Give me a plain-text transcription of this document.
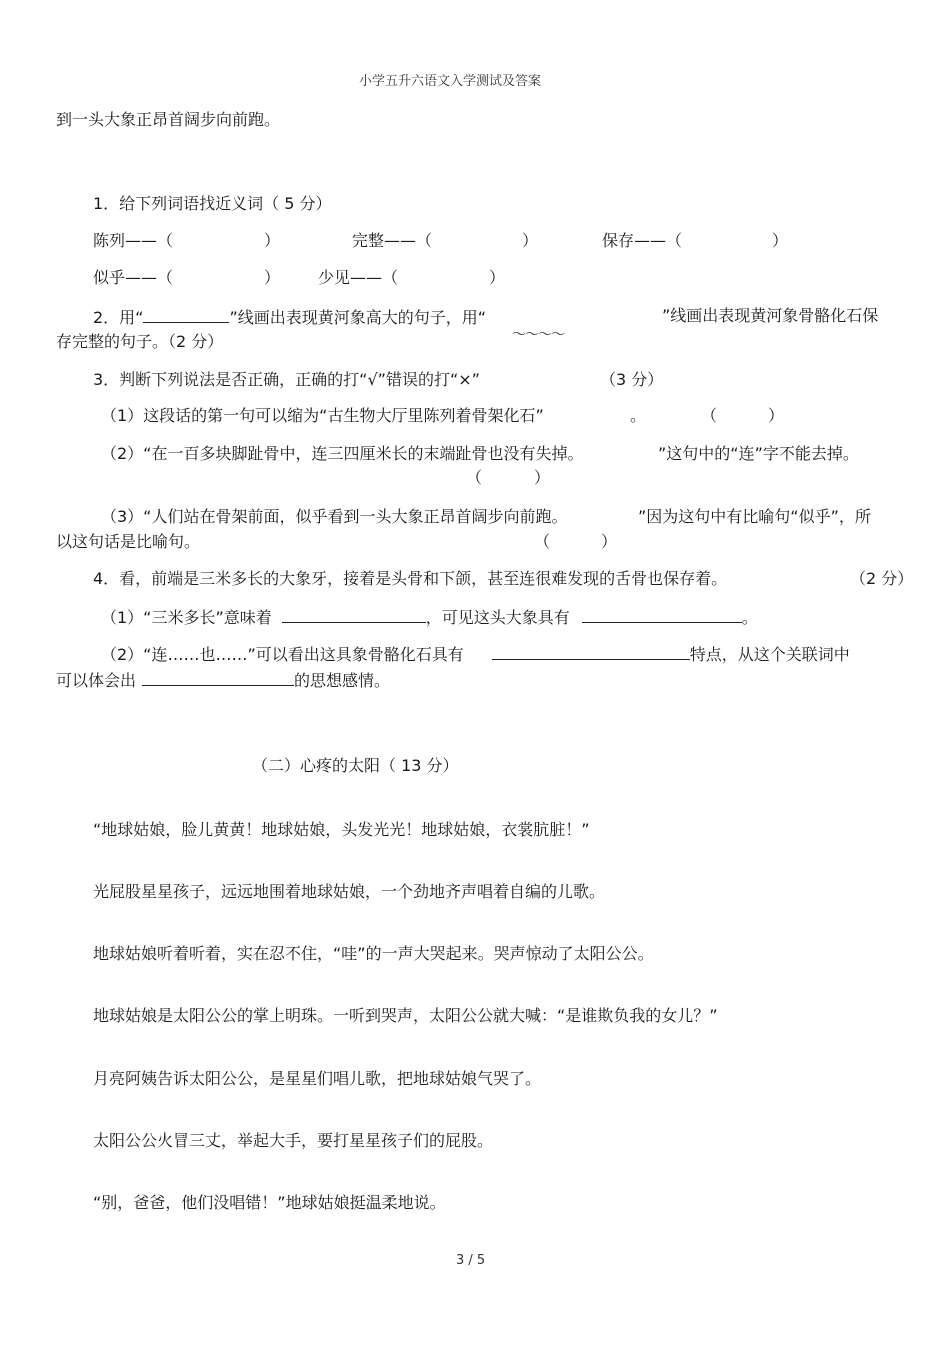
小学五升六语文入学测试及答案
到一头大象正昂首阔步向前跑。
1．给下列词语找近义词（ 5 分）
陈列——（	）	完整——（	）	保存——（	）
似乎——（	） 少见——（	）
2．用“	”线画出表现黄河象高大的句子，用“	”线画出表现黄河象骨骼化石保
～～～～
存完整的句子。（2 分）
3．判断下列说法是否正确，正确的打“√”错误的打“×”	（3 分）
（1）这段话的第一句可以缩为“古生物大厅里陈列着骨架化石”	。	（	）
（2）“在一百多块脚趾骨中，连三四厘米长的末端趾骨也没有失掉。	”这句中的“连”字不能去掉。
（	）
（3）“人们站在骨架前面，似乎看到一头大象正昂首阔步向前跑。	”因为这句中有比喻句“似乎”，所
以这句话是比喻句。	（	）
4．看，前端是三米多长的大象牙，接着是头骨和下颌，甚至连很难发现的舌骨也保存着。	（2 分）
（1）“三米多长”意味着	，可见这头大象具有	。
（2）“连……也……”可以看出这具象骨骼化石具有	特点，从这个关联词中
可以体会出	的思想感情。
（二）心疼的太阳（ 13 分）
“地球姑娘，脸儿黄黄！地球姑娘，头发光光！地球姑娘，衣裳肮脏！”
光屁股星星孩子，远远地围着地球姑娘，一个劲地齐声唱着自编的儿歌。
地球姑娘听着听着，实在忍不住，“哇”的一声大哭起来。哭声惊动了太阳公公。
地球姑娘是太阳公公的掌上明珠。一听到哭声，太阳公公就大喊：“是谁欺负我的女儿？”
月亮阿姨告诉太阳公公，是星星们唱儿歌，把地球姑娘气哭了。
太阳公公火冒三丈，举起大手，要打星星孩子们的屁股。
“别，爸爸，他们没唱错！”地球姑娘挺温柔地说。
3 / 5
